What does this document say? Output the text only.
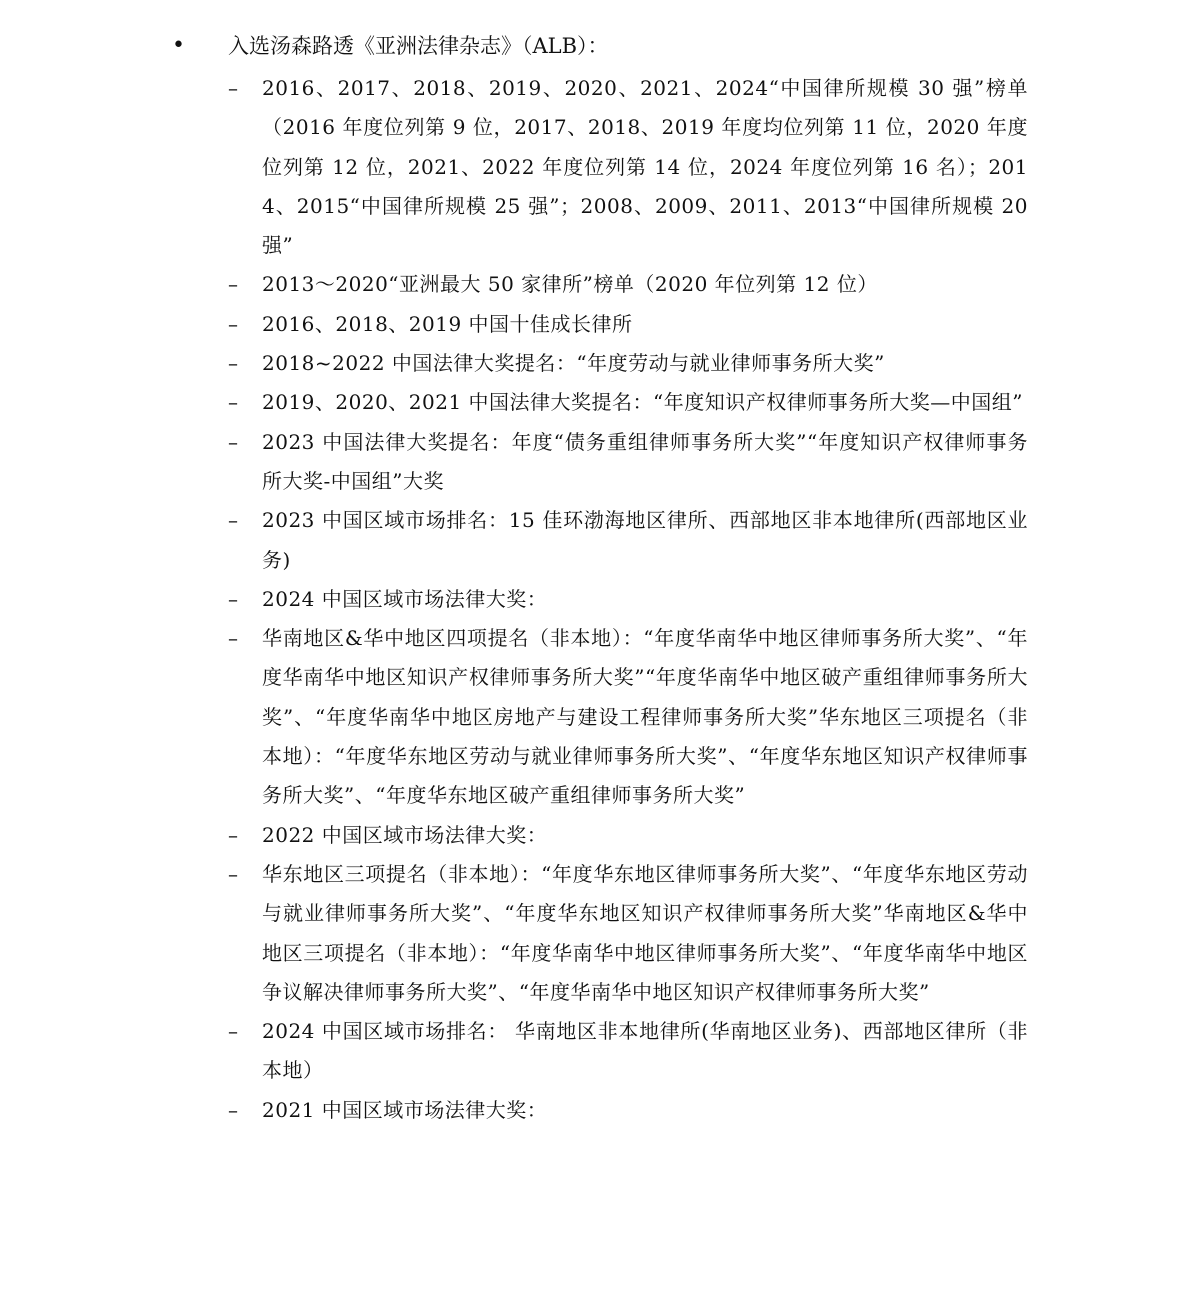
•	入选汤森路透《亚洲法律杂志》（ALB）：
–	2016、2017、2018、2019、2020、2021、2024“中国律所规模 30 强”榜单（2016 年度位列第 9 位，2017、2018、2019 年度均位列第 11 位，2020 年度位列第 12 位，2021、2022 年度位列第 14 位，2024 年度位列第 16 名）；2014、2015“中国律所规模 25 强”；2008、2009、2011、2013“中国律所规模 20 强”
–	2013～2020“亚洲最大 50 家律所”榜单（2020 年位列第 12 位）
–	2016、2018、2019 中国十佳成长律所
–	2018~2022 中国法律大奖提名：“年度劳动与就业律师事务所大奖”
–	2019、2020、2021 中国法律大奖提名：“年度知识产权律师事务所大奖—中国组”
–	2023 中国法律大奖提名：年度“债务重组律师事务所大奖”“年度知识产权律师事务所大奖-中国组”大奖
–	2023 中国区域市场排名：15 佳环渤海地区律所、西部地区非本地律所(西部地区业务)
–	2024 中国区域市场法律大奖：
–	华南地区&华中地区四项提名（非本地）：“年度华南华中地区律师事务所大奖”、“年度华南华中地区知识产权律师事务所大奖”“年度华南华中地区破产重组律师事务所大奖”、“年度华南华中地区房地产与建设工程律师事务所大奖”华东地区三项提名（非本地）：“年度华东地区劳动与就业律师事务所大奖”、“年度华东地区知识产权律师事务所大奖”、“年度华东地区破产重组律师事务所大奖”
–	2022 中国区域市场法律大奖：
–	华东地区三项提名（非本地）：“年度华东地区律师事务所大奖”、“年度华东地区劳动与就业律师事务所大奖”、“年度华东地区知识产权律师事务所大奖”华南地区&华中地区三项提名（非本地）：“年度华南华中地区律师事务所大奖”、“年度华南华中地区争议解决律师事务所大奖”、“年度华南华中地区知识产权律师事务所大奖”
–	2024 中国区域市场排名： 华南地区非本地律所(华南地区业务)、西部地区律所（非本地）
–	2021 中国区域市场法律大奖：
